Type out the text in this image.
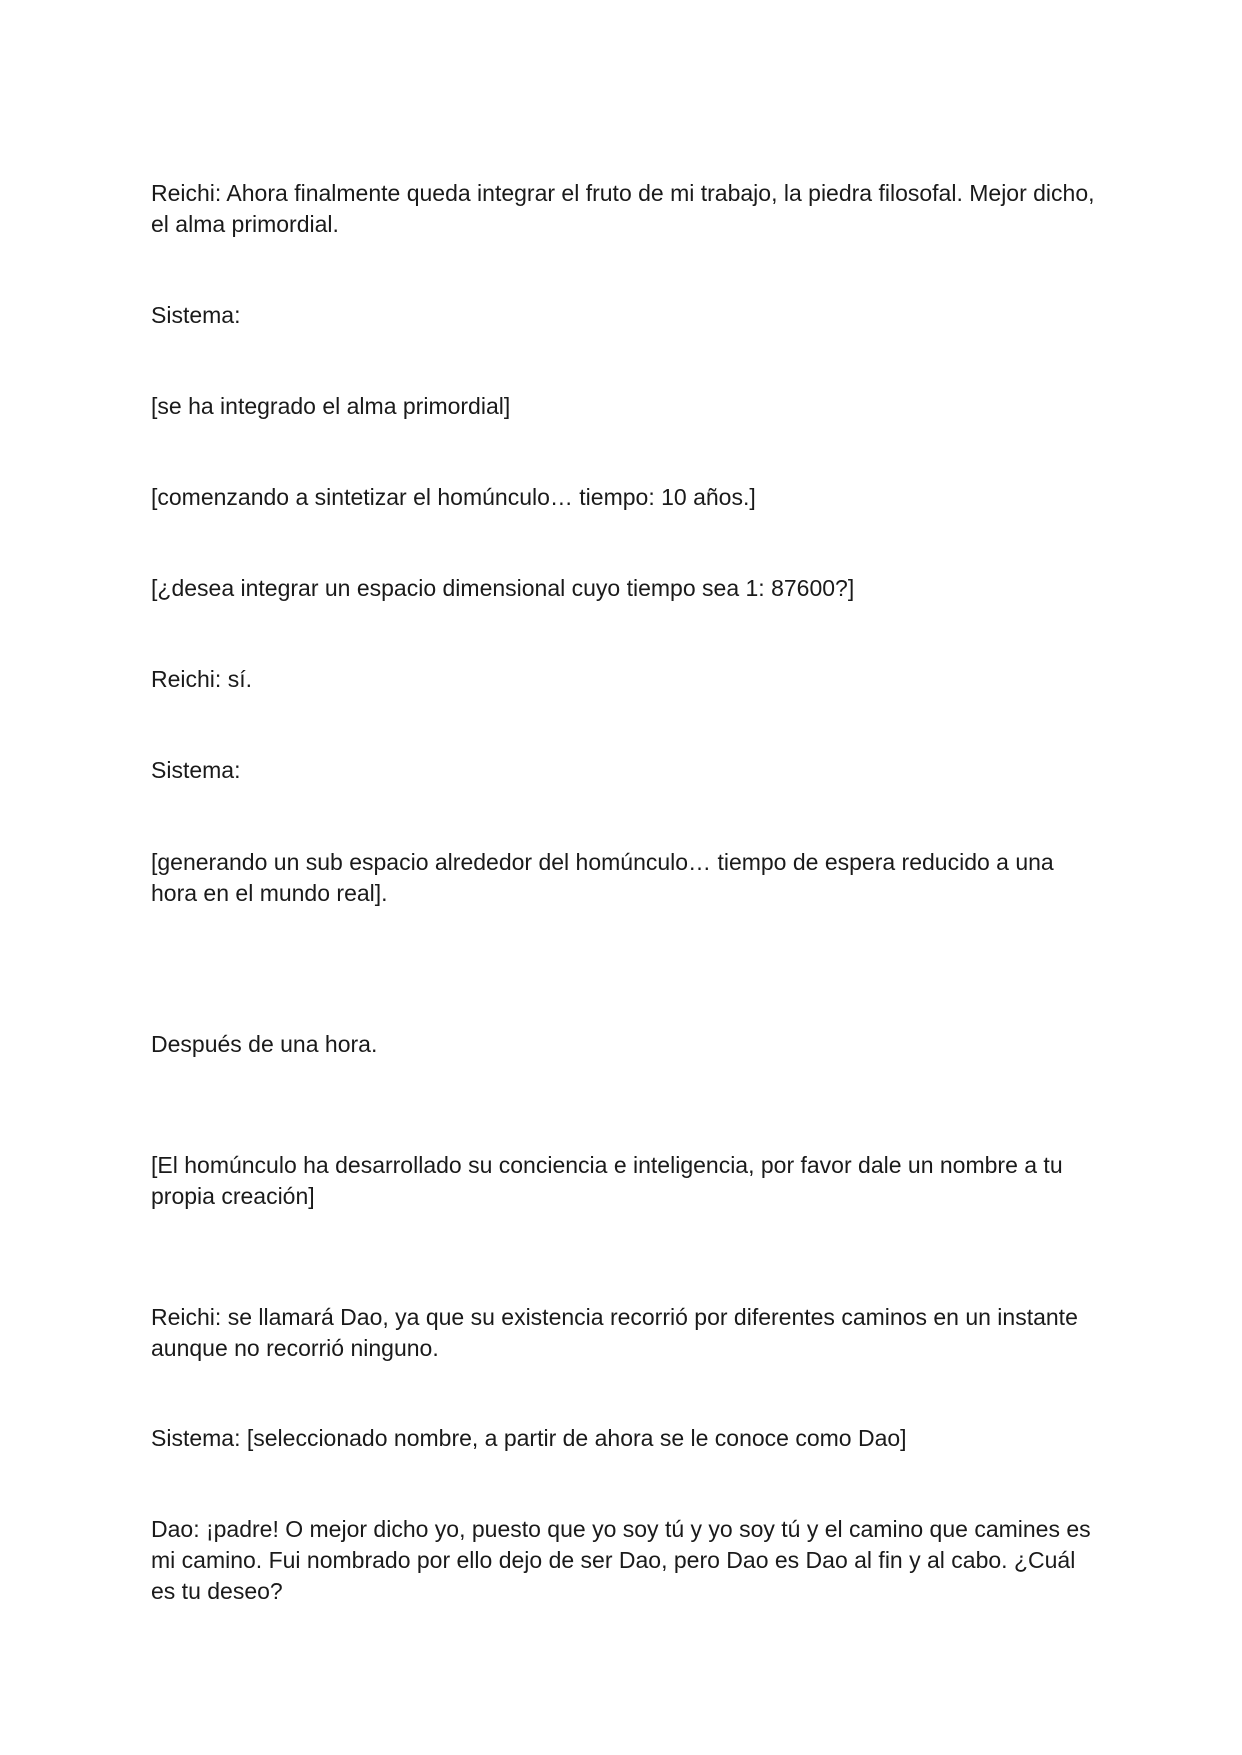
Reichi: Ahora finalmente queda integrar el fruto de mi trabajo, la piedra filosofal. Mejor dicho, el alma primordial.

Sistema:

[se ha integrado el alma primordial]

[comenzando a sintetizar el homúnculo… tiempo: 10 años.]

[¿desea integrar un espacio dimensional cuyo tiempo sea 1: 87600?]

Reichi: sí.

Sistema:

[generando un sub espacio alrededor del homúnculo… tiempo de espera reducido a una hora en el mundo real].

Después de una hora.

[El homúnculo ha desarrollado su conciencia e inteligencia, por favor dale un nombre a tu propia creación]

Reichi: se llamará Dao, ya que su existencia recorrió por diferentes caminos en un instante aunque no recorrió ninguno.

Sistema: [seleccionado nombre, a partir de ahora se le conoce como Dao]

Dao: ¡padre! O mejor dicho yo, puesto que yo soy tú y yo soy tú y el camino que camines es mi camino. Fui nombrado por ello dejo de ser Dao, pero Dao es Dao al fin y al cabo. ¿Cuál es tu deseo?
